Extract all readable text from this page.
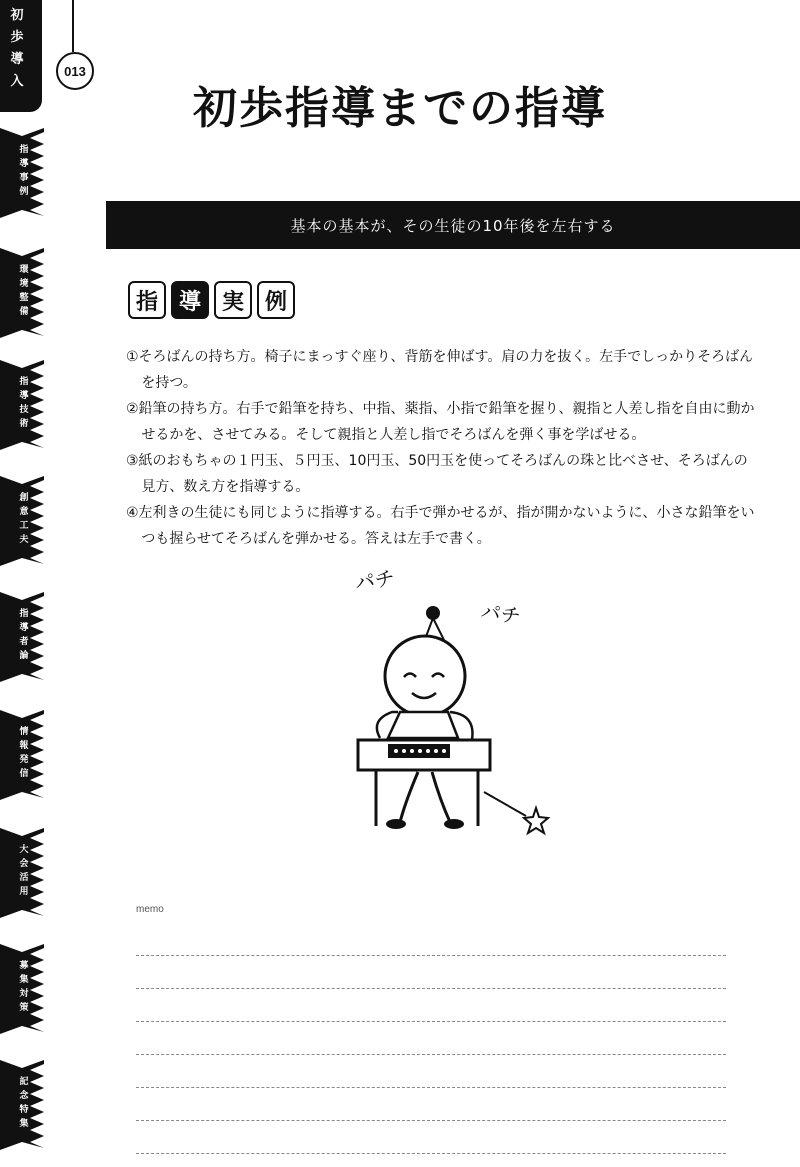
初
歩
導
入
013
指
導
事
例
環
境
整
備
指
導
技
術
創
意
工
夫
指
導
者
論
情
報
発
信
大
会
活
用
募
集
対
策
記
念
特
集
初歩指導までの指導
基本の基本が、その生徒の10年後を左右する
指 導 実 例

①そろばんの持ち方。椅子にまっすぐ座り、背筋を伸ばす。肩の力を抜く。左手でしっかりそろばんを持つ。

②鉛筆の持ち方。右手で鉛筆を持ち、中指、薬指、小指で鉛筆を握り、親指と人差し指を自由に動かせるかを、させてみる。そして親指と人差し指でそろばんを弾く事を学ばせる。

③紙のおもちゃの１円玉、５円玉、10円玉、50円玉を使ってそろばんの珠と比べさせ、そろばんの見方、数え方を指導する。

④左利きの生徒にも同じように指導する。右手で弾かせるが、指が開かないように、小さな鉛筆をいつも握らせてそろばんを弾かせる。答えは左手で書く。

パチ
パチ
memo
